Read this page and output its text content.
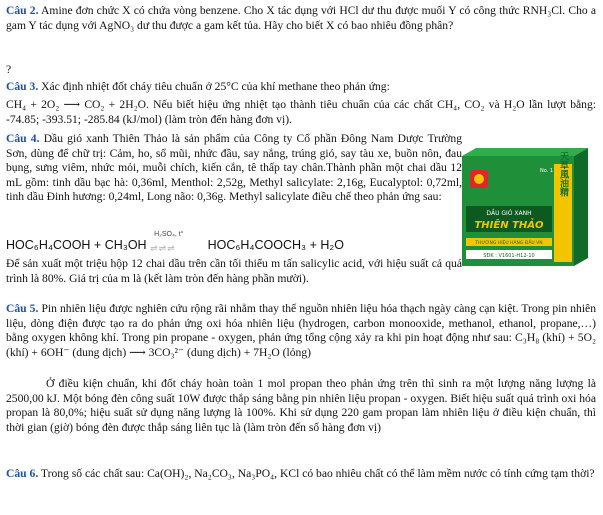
Câu 2. Amine đơn chức X có chứa vòng benzene. Cho X tác dụng với HCl dư thu được muối Y có công thức RNH₃Cl. Cho a gam Y tác dụng với AgNO₃ dư thu được a gam kết tủa. Hãy cho biết X có bao nhiêu đồng phân?

?

Câu 3. Xác định nhiệt đốt cháy tiêu chuẩn ở 25°C của khí methane theo phản ứng:

CH₄ + 2O₂ ⟶ CO₂ + 2H₂O. Nếu biết hiệu ứng nhiệt tạo thành tiêu chuẩn của các chất CH₄, CO₂ và H₂O lần lượt bằng: -74.85; -393.51; -285.84 (kJ/mol) (làm tròn đến hàng đơn vị).

Câu 4. Dầu gió xanh Thiên Thảo là sản phẩm của Công ty Cổ phần Đông Nam Dược Trường Sơn, dùng để chữ trị: Cảm, ho, sổ mũi, nhức đầu, say nắng, trúng gió, say tàu xe, buồn nôn, đau bụng, sưng viêm, nhức mỏi, muỗi chích, kiến cắn, tê thấp tay chân.Thành phần một chai dầu 12 mL gồm: tinh dầu bạc hà: 0,36ml, Menthol: 2,52g, Methyl salicylate: 2,16g, Eucalyptol: 0,72ml, tinh dầu Đinh hương: 0,24ml, Long não: 0,36g. Methyl salicylate điều chế theo phản ứng sau:

HOC₆H₄COOH + CH₃OH
H₂SO₄, t°
⇌⇌⇌	HOC₆H₄COOCH₃ + H₂O

Để sản xuất một triệu hộp 12 chai dầu trên cần tối thiểu m tấn salicylic acid, với hiệu suất cả quá trình là 80%. Giá trị của m là (kết làm tròn đến hàng phần mười).

No. 1
DẦU GIÓ XANH
THIÊN THẢO
天草風油精
THƯƠNG HIỆU HÀNG ĐẦU VN
SĐK : V1601-H12-10

Câu 5. Pin nhiên liệu được nghiên cứu rộng rãi nhằm thay thế nguồn nhiên liệu hóa thạch ngày càng cạn kiệt. Trong pin nhiên liệu, dòng điện được tạo ra do phản ứng oxi hóa nhiên liệu (hydrogen, carbon monooxide, methanol, ethanol, propane,…) bằng oxygen không khí. Trong pin propane - oxygen, phản ứng tổng cộng xảy ra khi pin hoạt động như sau: C₃H₈ (khí) + 5O₂ (khí) + 6OH⁻ (dung dịch) ⟶ 3CO₃²⁻ (dung dịch) + 7H₂O (lỏng)

Ở điều kiện chuẩn, khi đốt cháy hoàn toàn 1 mol propan theo phản ứng trên thì sinh ra một lượng năng lượng là 2500,00 kJ. Một bóng đèn công suất 10W được thắp sáng bằng pin nhiên liệu propan - oxygen. Biết hiệu suất quá trình oxi hóa propan là 80,0%; hiệu suất sử dụng năng lượng là 100%. Khi sử dụng 220 gam propan làm nhiên liệu ở điều kiện chuẩn, thì thời gian (giờ) bóng đèn được thắp sáng liên tục là (làm tròn đến số hàng đơn vị)

Câu 6. Trong số các chất sau: Ca(OH)₂, Na₂CO₃, Na₃PO₄, KCl có bao nhiêu chất có thể làm mềm nước có tính cứng tạm thời?
